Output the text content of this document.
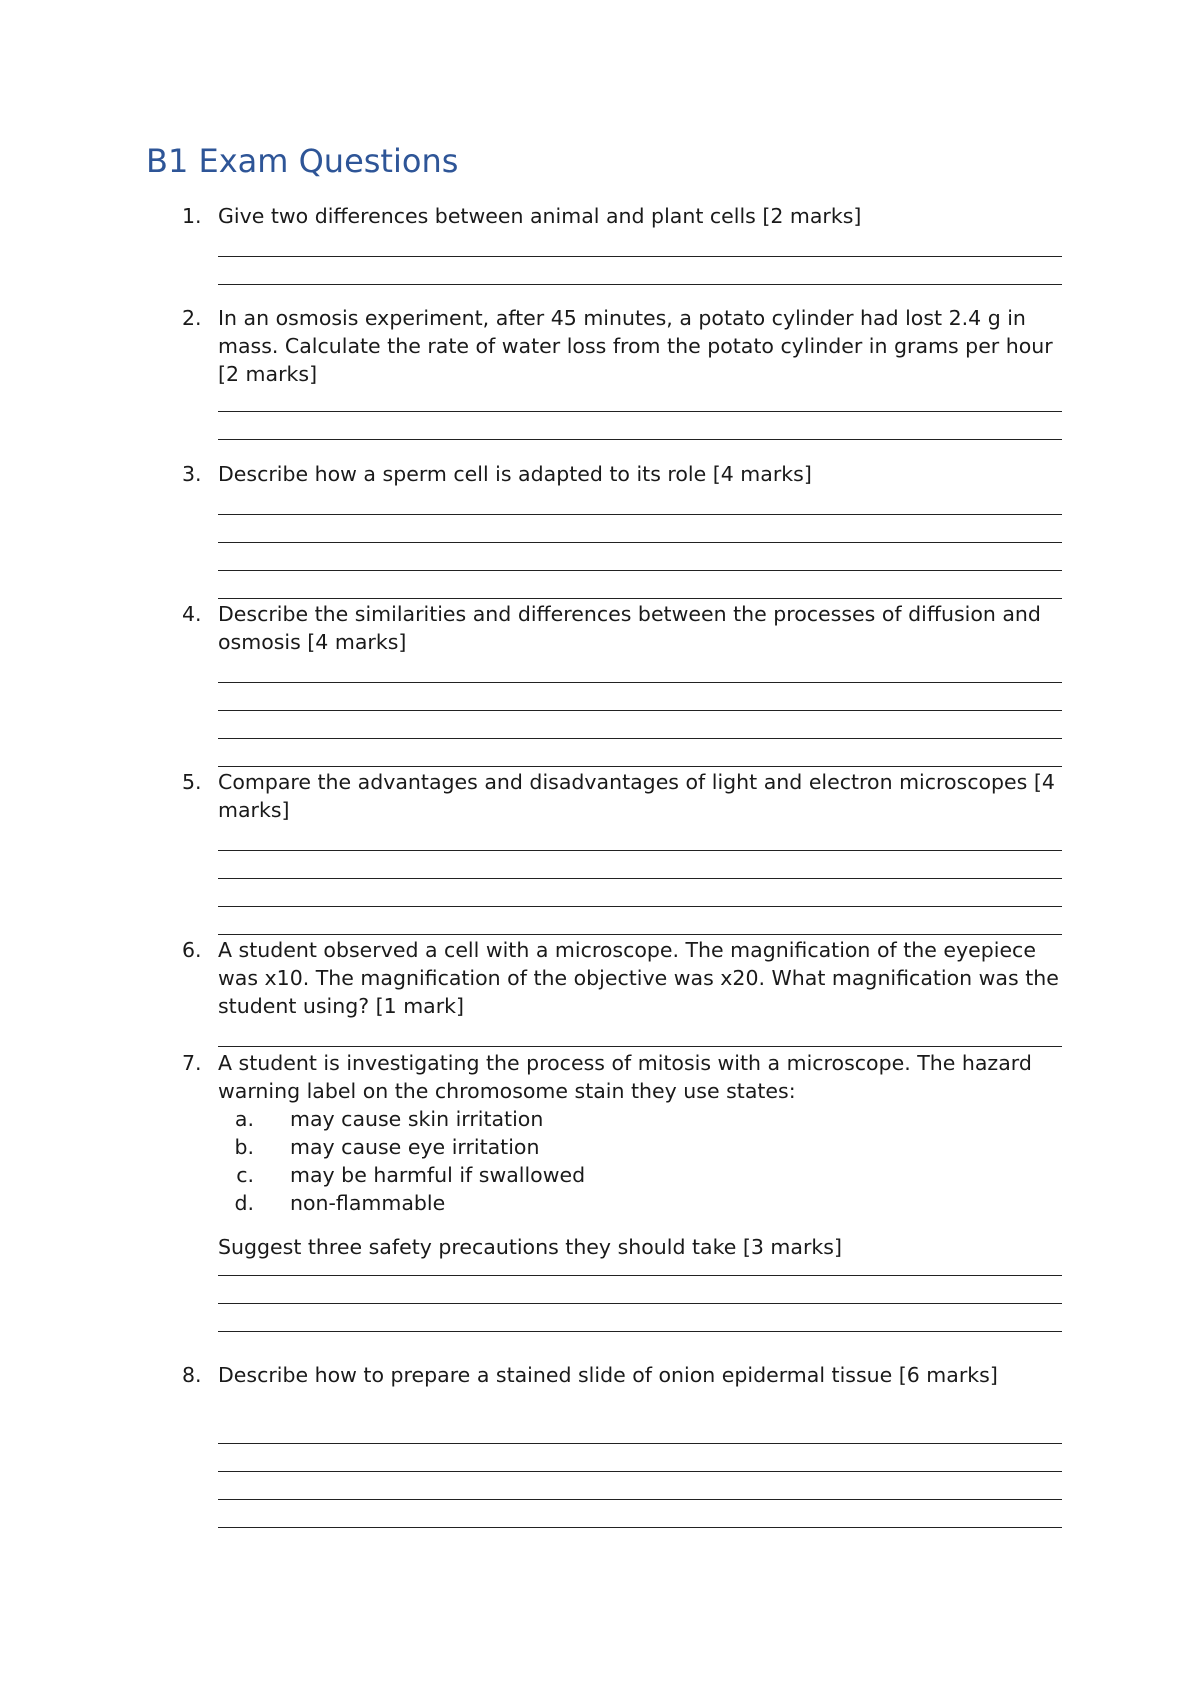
B1 Exam Questions
1. Give two differences between animal and plant cells [2 marks]
2. In an osmosis experiment, after 45 minutes, a potato cylinder had lost 2.4 g in mass. Calculate the rate of water loss from the potato cylinder in grams per hour [2 marks]
3. Describe how a sperm cell is adapted to its role [4 marks]
4. Describe the similarities and differences between the processes of diffusion and osmosis [4 marks]
5. Compare the advantages and disadvantages of light and electron microscopes [4 marks]
6. A student observed a cell with a microscope. The magnification of the eyepiece was x10. The magnification of the objective was x20. What magnification was the student using? [1 mark]
7. A student is investigating the process of mitosis with a microscope. The hazard warning label on the chromosome stain they use states:
a. may cause skin irritation
b. may cause eye irritation
c. may be harmful if swallowed
d. non-flammable
Suggest three safety precautions they should take [3 marks]
8. Describe how to prepare a stained slide of onion epidermal tissue [6 marks]
